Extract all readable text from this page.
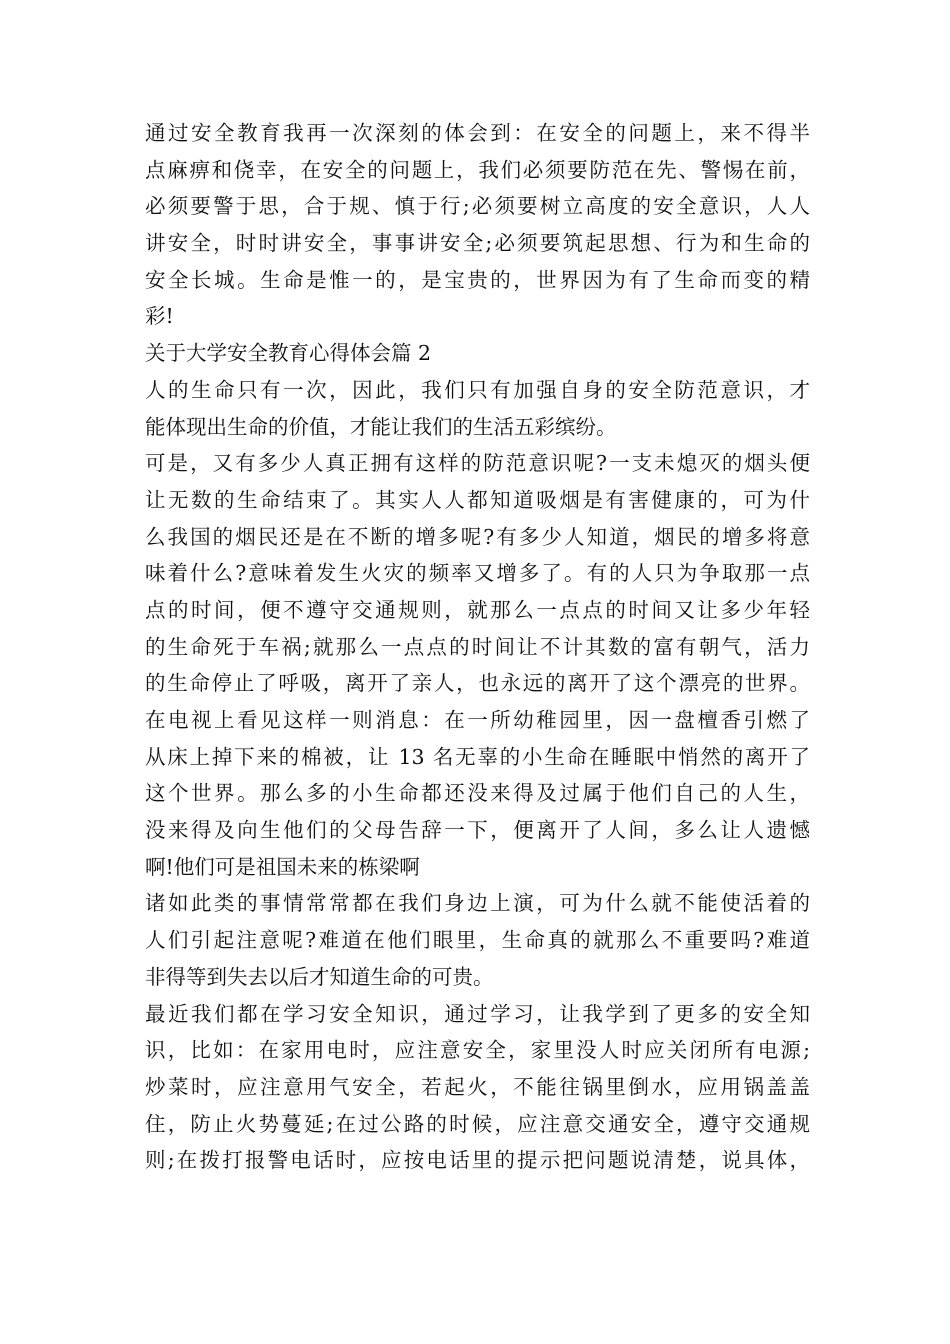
通过安全教育我再一次深刻的体会到：在安全的问题上，来不得半
点麻痹和侥幸，在安全的问题上，我们必须要防范在先、警惕在前，
必须要警于思，合于规、慎于行;必须要树立高度的安全意识，人人
讲安全，时时讲安全，事事讲安全;必须要筑起思想、行为和生命的
安全长城。生命是惟一的，是宝贵的，世界因为有了生命而变的精
彩!
关于大学安全教育心得体会篇 2
人的生命只有一次，因此，我们只有加强自身的安全防范意识，才
能体现出生命的价值，才能让我们的生活五彩缤纷。
可是，又有多少人真正拥有这样的防范意识呢?一支未熄灭的烟头便
让无数的生命结束了。其实人人都知道吸烟是有害健康的，可为什
么我国的烟民还是在不断的增多呢?有多少人知道，烟民的增多将意
味着什么?意味着发生火灾的频率又增多了。有的人只为争取那一点
点的时间，便不遵守交通规则，就那么一点点的时间又让多少年轻
的生命死于车祸;就那么一点点的时间让不计其数的富有朝气，活力
的生命停止了呼吸，离开了亲人，也永远的离开了这个漂亮的世界。
在电视上看见这样一则消息：在一所幼稚园里，因一盘檀香引燃了
从床上掉下来的棉被，让 13 名无辜的小生命在睡眠中悄然的离开了
这个世界。那么多的小生命都还没来得及过属于他们自己的人生，
没来得及向生他们的父母告辞一下，便离开了人间，多么让人遗憾
啊!他们可是祖国未来的栋梁啊
诸如此类的事情常常都在我们身边上演，可为什么就不能使活着的
人们引起注意呢?难道在他们眼里，生命真的就那么不重要吗?难道
非得等到失去以后才知道生命的可贵。
最近我们都在学习安全知识，通过学习，让我学到了更多的安全知
识，比如：在家用电时，应注意安全，家里没人时应关闭所有电源;
炒菜时，应注意用气安全，若起火，不能往锅里倒水，应用锅盖盖
住，防止火势蔓延;在过公路的时候，应注意交通安全，遵守交通规
则;在拨打报警电话时，应按电话里的提示把问题说清楚，说具体，
